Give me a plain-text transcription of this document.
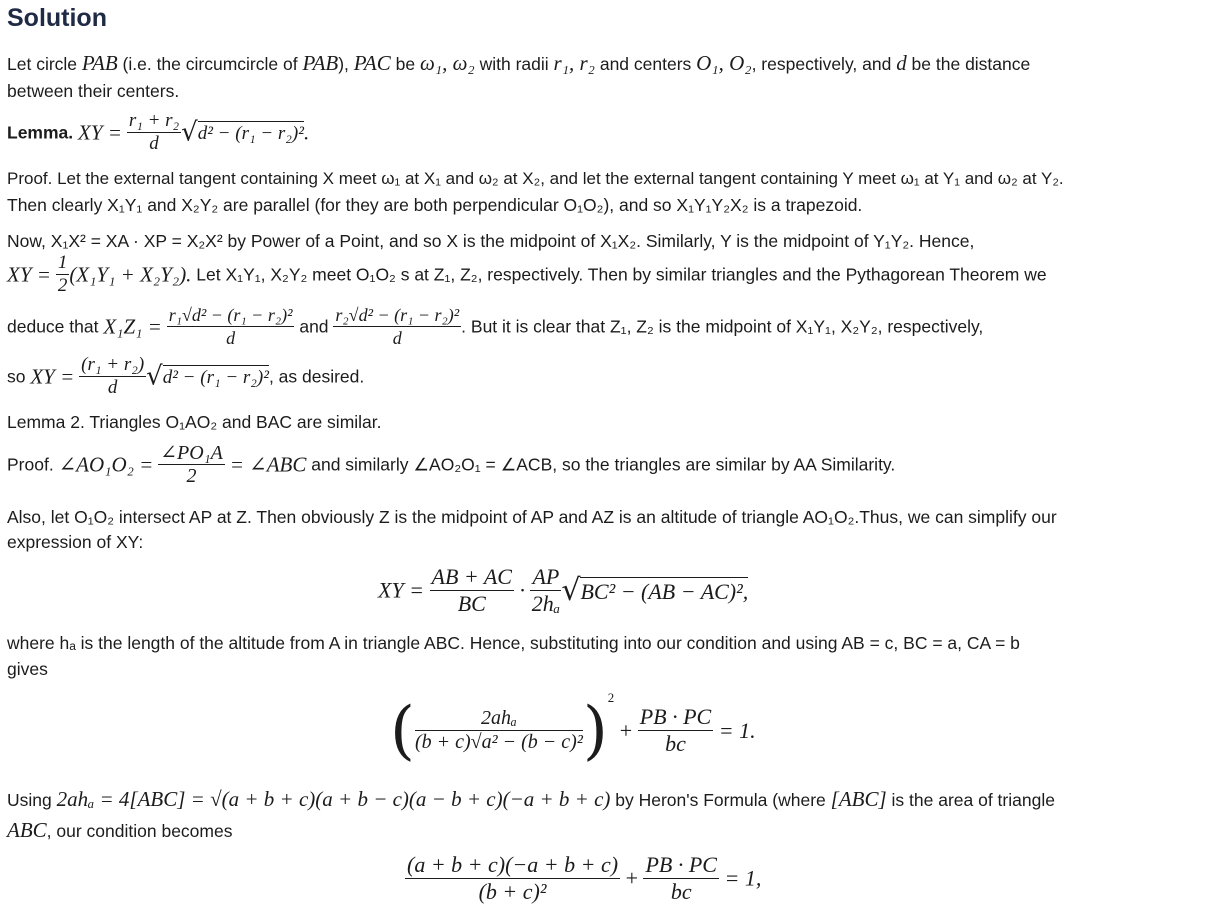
Solution
Let circle PAB (i.e. the circumcircle of PAB), PAC be ω₁, ω₂ with radii r₁, r₂ and centers O₁, O₂, respectively, and d be the distance
between their centers.
Lemma. XY = $\frac{\text{r₁ + r₂}}{d} √d^2 - (r_1 - r_2)^2$.
Proof. Let the external tangent containing X meet ω₁ at X₁ and ω₂ at X₂, and let the external tangent containing Y meet ω₁ at Y₁ and ω₂ at Y₂.
Then clearly X₁Y₁ and X₂Y₂ are parallel (for they are both perpendicular O₁O₂), and so X₁Y₁Y₂X₂ is a trapezoid.
Now, X₁X² = XA · XP = X₂X² by Power of a Point, and so X is the midpoint of X₁X₂. Similarly, Y is the midpoint of Y₁Y₂. Hence,
XY = $\frac{1}{2} (X_1Y_1 + X_2Y_2)$. Let X₁Y₁, X₂Y₂ meet O₁O₂ s at Z₁, Z₂, respectively. Then by similar triangles and the Pythagorean Theorem we
deduce that $X_1Z_1 = \frac{\text{r₁√d² − (r₁ − r₂)²}}{d}$ and $\frac{\text{r₂√d² − (r₁ − r₂)²}}{d}$ . But it is clear that Z₁, Z₂ is the midpoint of X₁Y₁, X₂Y₂, respectively,
so XY = $\frac{\text{(r₁ + r₂)}}{d} √d^2 - (r_1 - r_2)^2$, as desired.
Lemma 2. Triangles O₁AO₂ and BAC are similar.
Proof. ∠AO₁O₂ = $\frac{\text{∠PO₁A}}{2}$ = ∠ABC and similarly ∠AO₂O₁ = ∠ACB, so the triangles are similar by AA Similarity.
Also, let O₁O₂ intersect AP at Z. Then obviously Z is the midpoint of AP and AZ is an altitude of triangle AO₁O₂.Thus, we can simplify our
expression of XY:
XY = $\frac{AB + AC}{BC} \cdot \frac{AP}{\text{2hₐ}} √BC^2 - (AB - AC)^2$,
where hₐ is the length of the altitude from A in triangle ABC. Hence, substituting into our condition and using AB = c, BC = a, CA = b
gives
( $\frac{\text{2ahₐ}}{\text{(b + c)√a² − (b − c)²}} )^2 + \frac{PB \cdot PC}{bc} = 1$.
Using 2ahₐ = 4[ABC] = √(a + b + c)(a + b − c)(a − b + c)(−a + b + c) by Heron's Formula (where [ABC] is the area of triangle
ABC, our condition becomes
$\frac{(a + b + c)(-a + b + c)}{\text{(b + c)²}} + \frac{PB \cdot PC}{bc} = 1$,
